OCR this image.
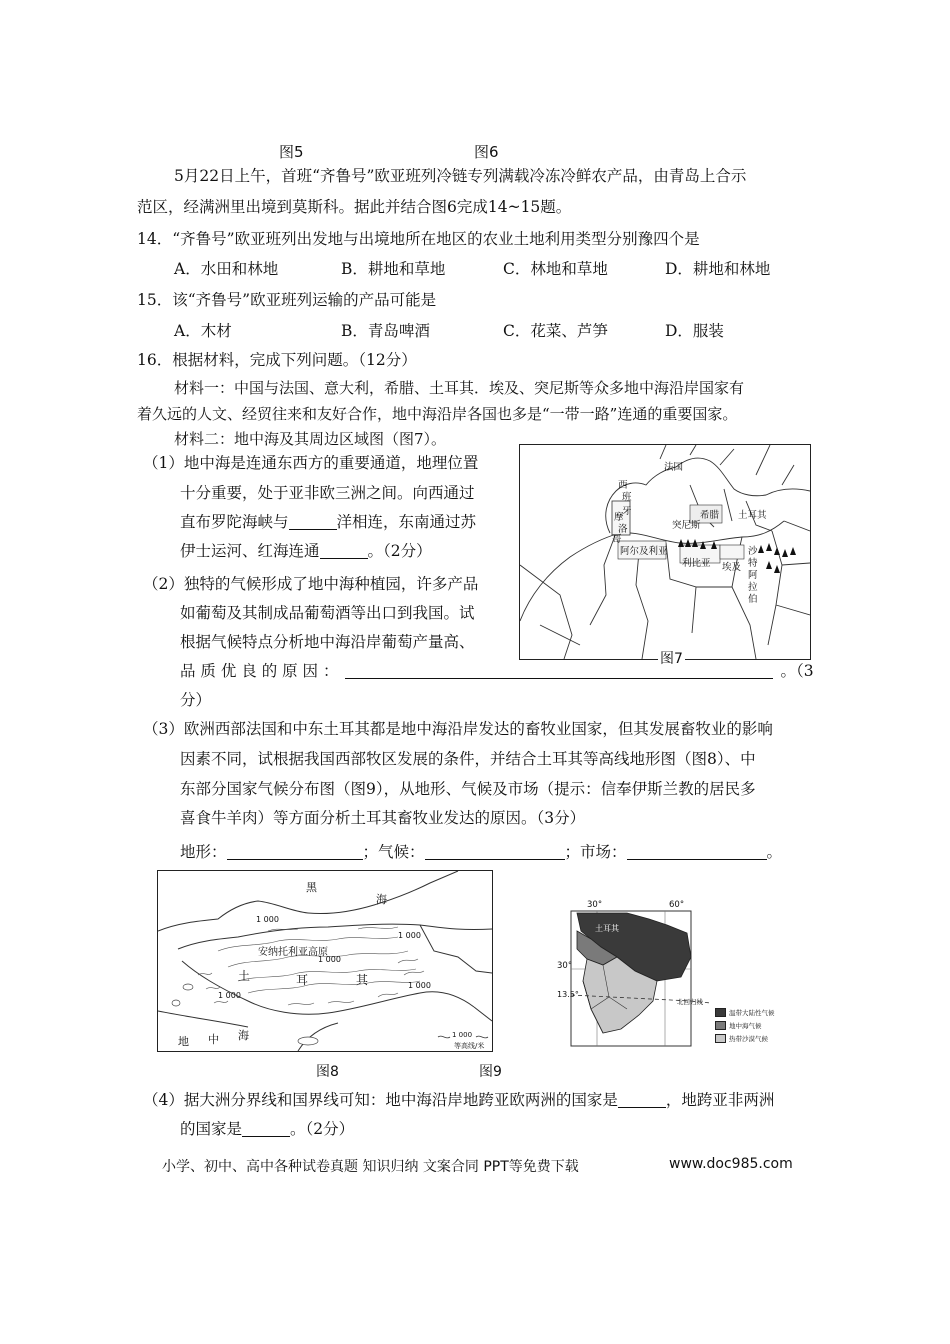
图5	图6
5月22日上午，首班“齐鲁号”欧亚班列冷链专列满载冷冻冷鲜农产品，由青岛上合示
范区，经满洲里出境到莫斯科。据此并结合图6完成14~15题。
14．“齐鲁号”欧亚班列出发地与出境地所在地区的农业土地利用类型分别豫四个是
A．水田和林地	B．耕地和草地	C．林地和草地	D．耕地和林地
15．该“齐鲁号”欧亚班列运输的产品可能是
A．木材	B．青岛啤酒	C．花菜、芦笋	D．服装
16．根据材料，完成下列问题。（12分）
材料一：中国与法国、意大利，希腊、土耳其．埃及、突尼斯等众多地中海沿岸国家有
着久远的人文、经贸往来和友好合作，地中海沿岸各国也多是“一带一路”连通的重要国家。
材料二：地中海及其周边区域图（图7）。
（1）地中海是连通东西方的重要通道，地理位置
十分重要，处于亚非欧三洲之间。向西通过
直布罗陀海峡与	洋相连，东南通过苏
伊士运河、红海连通	。（2分）
（2）独特的气候形成了地中海种植园，许多产品
如葡萄及其制成品葡萄酒等出口到我国。试
根据气候特点分析地中海沿岸葡萄产量高、
品 质 优 良 的 原 因 ：	。（3
分）
法国
西
班
牙
摩
洛
哥
阿尔及利亚
突尼斯
希腊 土耳其
利比亚 埃及
沙
特
阿
拉
伯
图7
（3）欧洲西部法国和中东土耳其都是地中海沿岸发达的畜牧业国家，但其发展畜牧业的影响
因素不同，试根据我国西部牧区发展的条件，并结合土耳其等高线地形图（图8）、中
东部分国家气候分布图（图9），从地形、气候及市场（提示：信奉伊斯兰教的居民多
喜食牛羊肉）等方面分析土耳其畜牧业发达的原因。（3分）
地形：	；气候：	；市场：	。
黑
海
安纳托利亚高原
土	耳	其
地 中 海
1 000
1 000
1 000
1 000
1 000
1 000
等高线/米
图8
30°	60°
30°
13.5°
土耳其
北回归线
温带大陆性气候
地中海气候
热带沙漠气候
图9
（4）据大洲分界线和国界线可知：地中海沿岸地跨亚欧两洲的国家是	，地跨亚非两洲
的国家是	。（2分）
小学、初中、高中各种试卷真题 知识归纳 文案合同 PPT等免费下载	www.doc985.com
